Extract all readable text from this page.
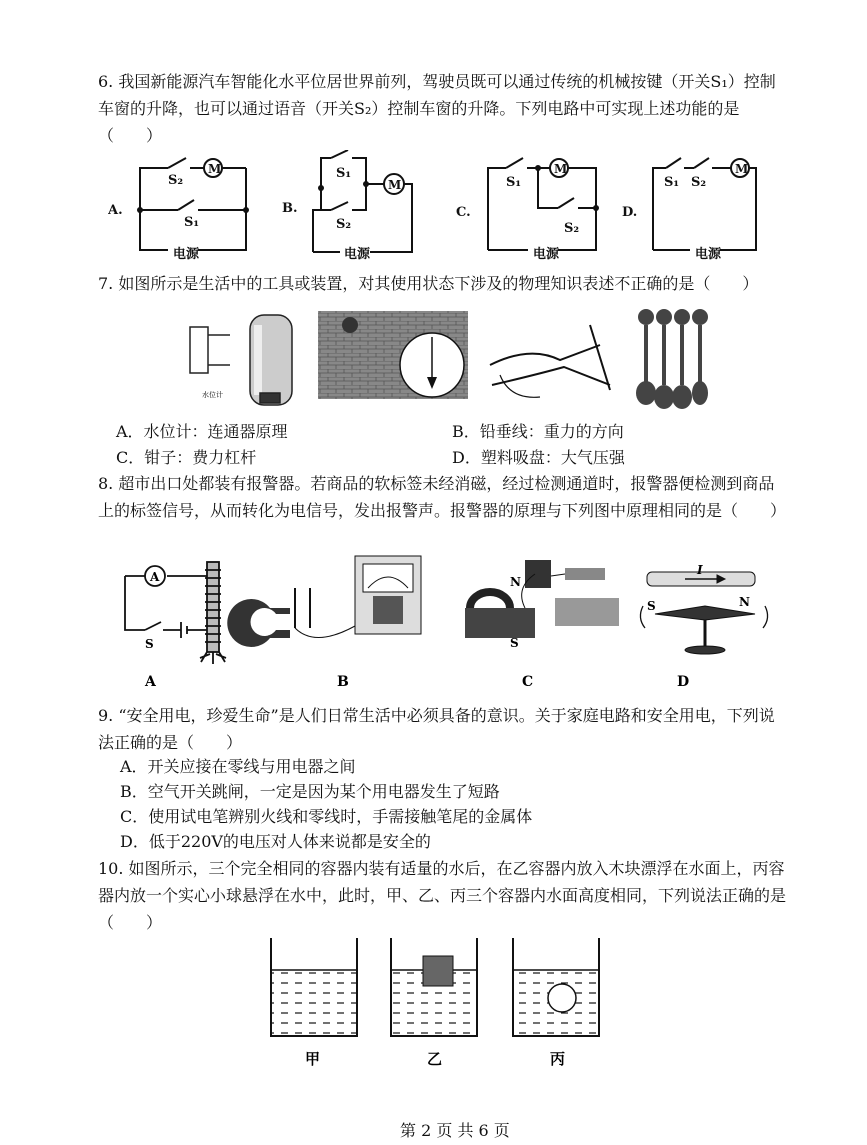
6. 我国新能源汽车智能化水平位居世界前列，驾驶员既可以通过传统的机械按键（开关S₁）控制车窗的升降，也可以通过语音（开关S₂）控制车窗的升降。下列电路中可实现上述功能的是（　　）
A.
S₂
S₁
M
电源
B.
S₁
S₂
M
电源
C.
S₁
S₂
M
电源
D.
S₁ S₂
M
电源
7. 如图所示是生活中的工具或装置，对其使用状态下涉及的物理知识表述不正确的是（　　）
水位计
A．水位计：连通器原理	B．铅垂线：重力的方向
C．钳子：费力杠杆	D．塑料吸盘：大气压强
8. 超市出口处都装有报警器。若商品的软标签未经消磁，经过检测通道时，报警器便检测到商品上的标签信号，从而转化为电信号，发出报警声。报警器的原理与下列图中原理相同的是（　　）
A
S
N
S
I
S	N
A	B	C	D
9. “安全用电，珍爱生命”是人们日常生活中必须具备的意识。关于家庭电路和安全用电，下列说法正确的是（　　）
A．开关应接在零线与用电器之间
B．空气开关跳闸，一定是因为某个用电器发生了短路
C．使用试电笔辨别火线和零线时，手需接触笔尾的金属体
D．低于220V的电压对人体来说都是安全的
10. 如图所示，三个完全相同的容器内装有适量的水后，在乙容器内放入木块漂浮在水面上，丙容器内放一个实心小球悬浮在水中，此时，甲、乙、丙三个容器内水面高度相同，下列说法正确的是（　　）
甲	乙	丙
第 2 页 共 6 页
